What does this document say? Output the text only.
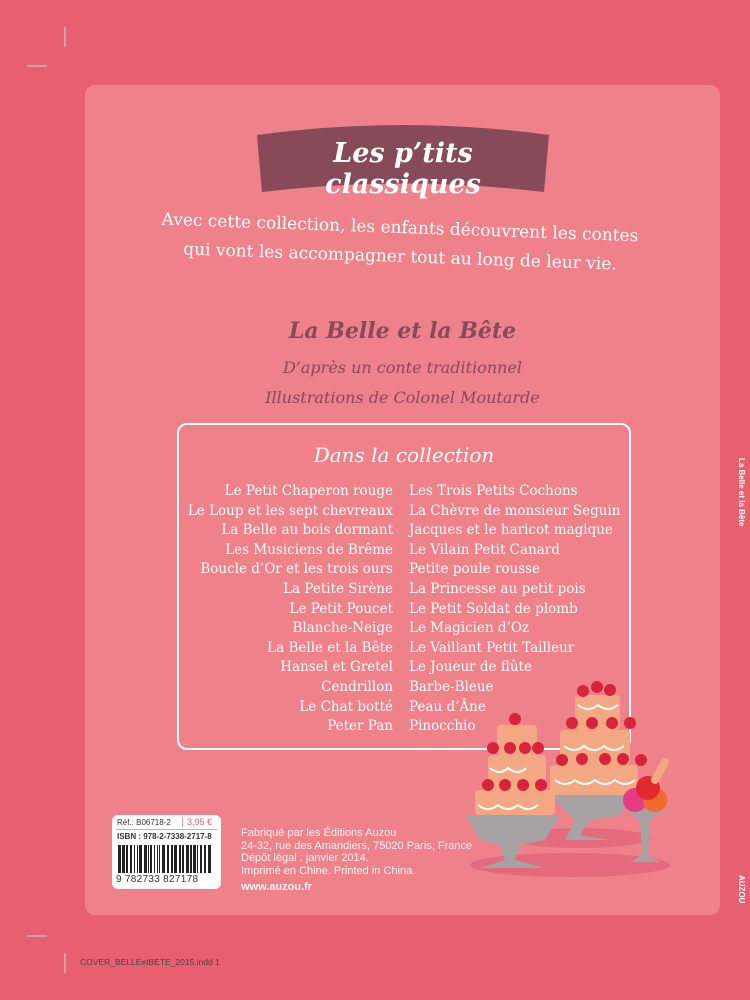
Les p’tits classiques
Avec cette collection, les enfants découvrent les contes
qui vont les accompagner tout au long de leur vie.
La Belle et la Bête
D’après un conte traditionnel
Illustrations de Colonel Moutarde
Dans la collection
Le Petit Chaperon rouge
Le Loup et les sept chevreaux
La Belle au bois dormant
Les Musiciens de Brême
Boucle d’Or et les trois ours
La Petite Sirène
Le Petit Poucet
Blanche-Neige
La Belle et la Bête
Hansel et Gretel
Cendrillon
Le Chat botté
Peter Pan
Les Trois Petits Cochons
La Chèvre de monsieur Seguin
Jacques et le haricot magique
Le Vilain Petit Canard
Petite poule rousse
La Princesse au petit pois
Le Petit Soldat de plomb
Le Magicien d’Oz
Le Vaillant Petit Tailleur
Le Joueur de flûte
Barbe-Bleue
Peau d’Âne
Pinocchio
Réf.: B06718-2	3,95 €
ISBN : 978-2-7338-2717-8
9 782733 827178
Fabriqué par les Éditions Auzou
24-32, rue des Amandiers, 75020 Paris, France
Dépôt légal : janvier 2014.
Imprimé en Chine. Printed in China.
www.auzou.fr
La Belle et la Bête
AUZOU
COVER_BELLEetBETE_2015.indd 1
